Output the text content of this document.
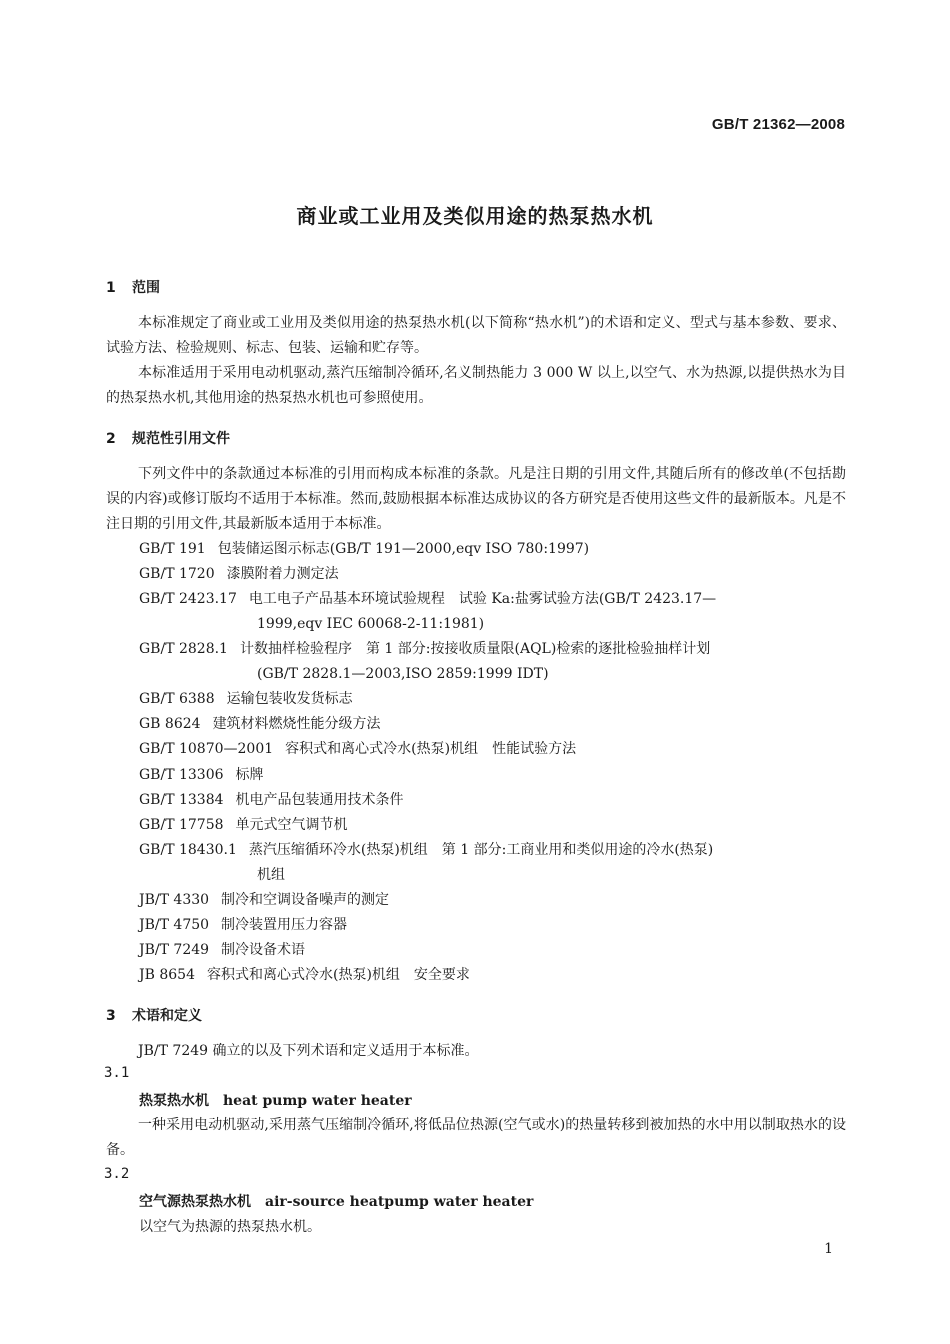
GB/T 21362—2008
商业或工业用及类似用途的热泵热水机
1 范围
本标准规定了商业或工业用及类似用途的热泵热水机(以下简称“热水机”)的术语和定义、型式与基本参数、要求、试验方法、检验规则、标志、包装、运输和贮存等。
本标准适用于采用电动机驱动,蒸汽压缩制冷循环,名义制热能力 3 000 W 以上,以空气、水为热源,以提供热水为目的热泵热水机,其他用途的热泵热水机也可参照使用。
2 规范性引用文件
下列文件中的条款通过本标准的引用而构成本标准的条款。凡是注日期的引用文件,其随后所有的修改单(不包括勘误的内容)或修订版均不适用于本标准。然而,鼓励根据本标准达成协议的各方研究是否使用这些文件的最新版本。凡是不注日期的引用文件,其最新版本适用于本标准。
GB/T 191 包装储运图示标志(GB/T 191—2000,eqv ISO 780:1997)
GB/T 1720 漆膜附着力测定法
GB/T 2423.17 电工电子产品基本环境试验规程　试验 Ka:盐雾试验方法(GB/T 2423.17—
1999,eqv IEC 60068-2-11:1981)
GB/T 2828.1 计数抽样检验程序　第 1 部分:按接收质量限(AQL)检索的逐批检验抽样计划
(GB/T 2828.1—2003,ISO 2859:1999 IDT)
GB/T 6388 运输包装收发货标志
GB 8624 建筑材料燃烧性能分级方法
GB/T 10870—2001 容积式和离心式冷水(热泵)机组　性能试验方法
GB/T 13306 标牌
GB/T 13384 机电产品包装通用技术条件
GB/T 17758 单元式空气调节机
GB/T 18430.1 蒸汽压缩循环冷水(热泵)机组　第 1 部分:工商业用和类似用途的冷水(热泵)
机组
JB/T 4330 制冷和空调设备噪声的测定
JB/T 4750 制冷装置用压力容器
JB/T 7249 制冷设备术语
JB 8654 容积式和离心式冷水(热泵)机组　安全要求
3 术语和定义
JB/T 7249 确立的以及下列术语和定义适用于本标准。
3.1
热泵热水机 heat pump water heater
一种采用电动机驱动,采用蒸气压缩制冷循环,将低品位热源(空气或水)的热量转移到被加热的水中用以制取热水的设备。
3.2
空气源热泵热水机 air-source heatpump water heater
以空气为热源的热泵热水机。
1
